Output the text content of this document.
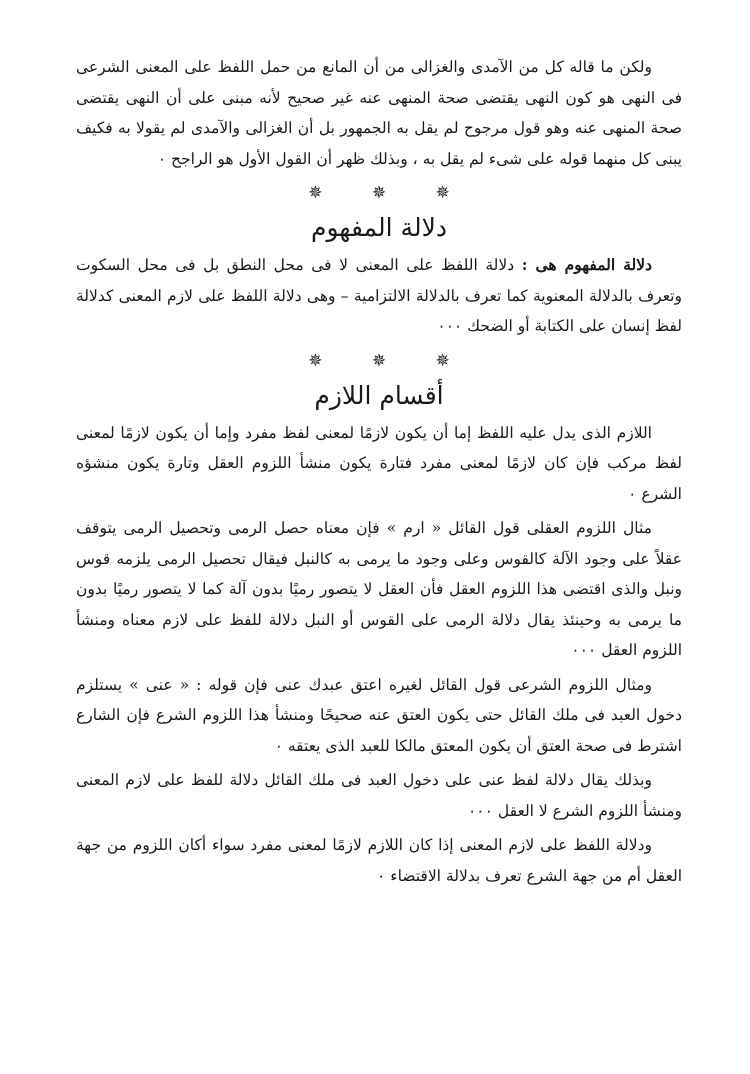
ولكن ما قاله كل من الآمدى والغزالى من أن المانع من حمل اللفظ على المعنى الشرعى فى النهى هو كون النهى يقتضى صحة المنهى عنه غير صحيح لأنه مبنى على أن النهى يقتضى صحة المنهى عنه وهو قول مرجوح لم يقل به الجمهور بل أن الغزالى والآمدى لم يقولا به فكيف يبنى كل منهما قوله على شىء لم يقل به ، وبذلك ظهر أن القول الأول هو الراجح ٠

✵ ✵ ✵
دلالة المفهوم

دلالة المفهوم هى : دلالة اللفظ على المعنى لا فى محل النطق بل فى محل السكوت وتعرف بالدلالة المعنوية كما تعرف بالدلالة الالتزامية – وهى دلالة اللفظ على لازم المعنى كدلالة لفظ إنسان على الكتابة أو الضحك ٠٠٠

✵ ✵ ✵
أقسام اللازم

اللازم الذى يدل عليه اللفظ إما أن يكون لازمًا لمعنى لفظ مفرد وإما أن يكون لازمًا لمعنى لفظ مركب فإن كان لازمًا لمعنى مفرد فتارة يكون منشأ اللزوم العقل وتارة يكون منشؤه الشرع ٠

مثال اللزوم العقلى قول القائل « ارم » فإن معناه حصل الرمى وتحصيل الرمى يتوقف عقلاً على وجود الآلة كالقوس وعلى وجود ما يرمى به كالنبل فيقال تحصيل الرمى يلزمه قوس ونبل والذى اقتضى هذا اللزوم العقل فأن العقل لا يتصور رميًا بدون آلة كما لا يتصور رميًا بدون ما يرمى به وحينئذ يقال دلالة الرمى على القوس أو النبل دلالة للفظ على لازم معناه ومنشأ اللزوم العقل ٠٠٠

ومثال اللزوم الشرعى قول القائل لغيره اعتق عبدك عنى فإن قوله : « عنى » يستلزم دخول العبد فى ملك القائل حتى يكون العتق عنه صحيحًا ومنشأ هذا اللزوم الشرع فإن الشارع اشترط فى صحة العتق أن يكون المعتق مالكا للعبد الذى يعتقه ٠

وبذلك يقال دلالة لفظ عنى على دخول العبد فى ملك القائل دلالة للفظ على لازم المعنى ومنشأ اللزوم الشرع لا العقل ٠٠٠

ودلالة اللفظ على لازم المعنى إذا كان اللازم لازمًا لمعنى مفرد سواء أكان اللزوم من جهة العقل أم من جهة الشرع تعرف بدلالة الاقتضاء ٠
